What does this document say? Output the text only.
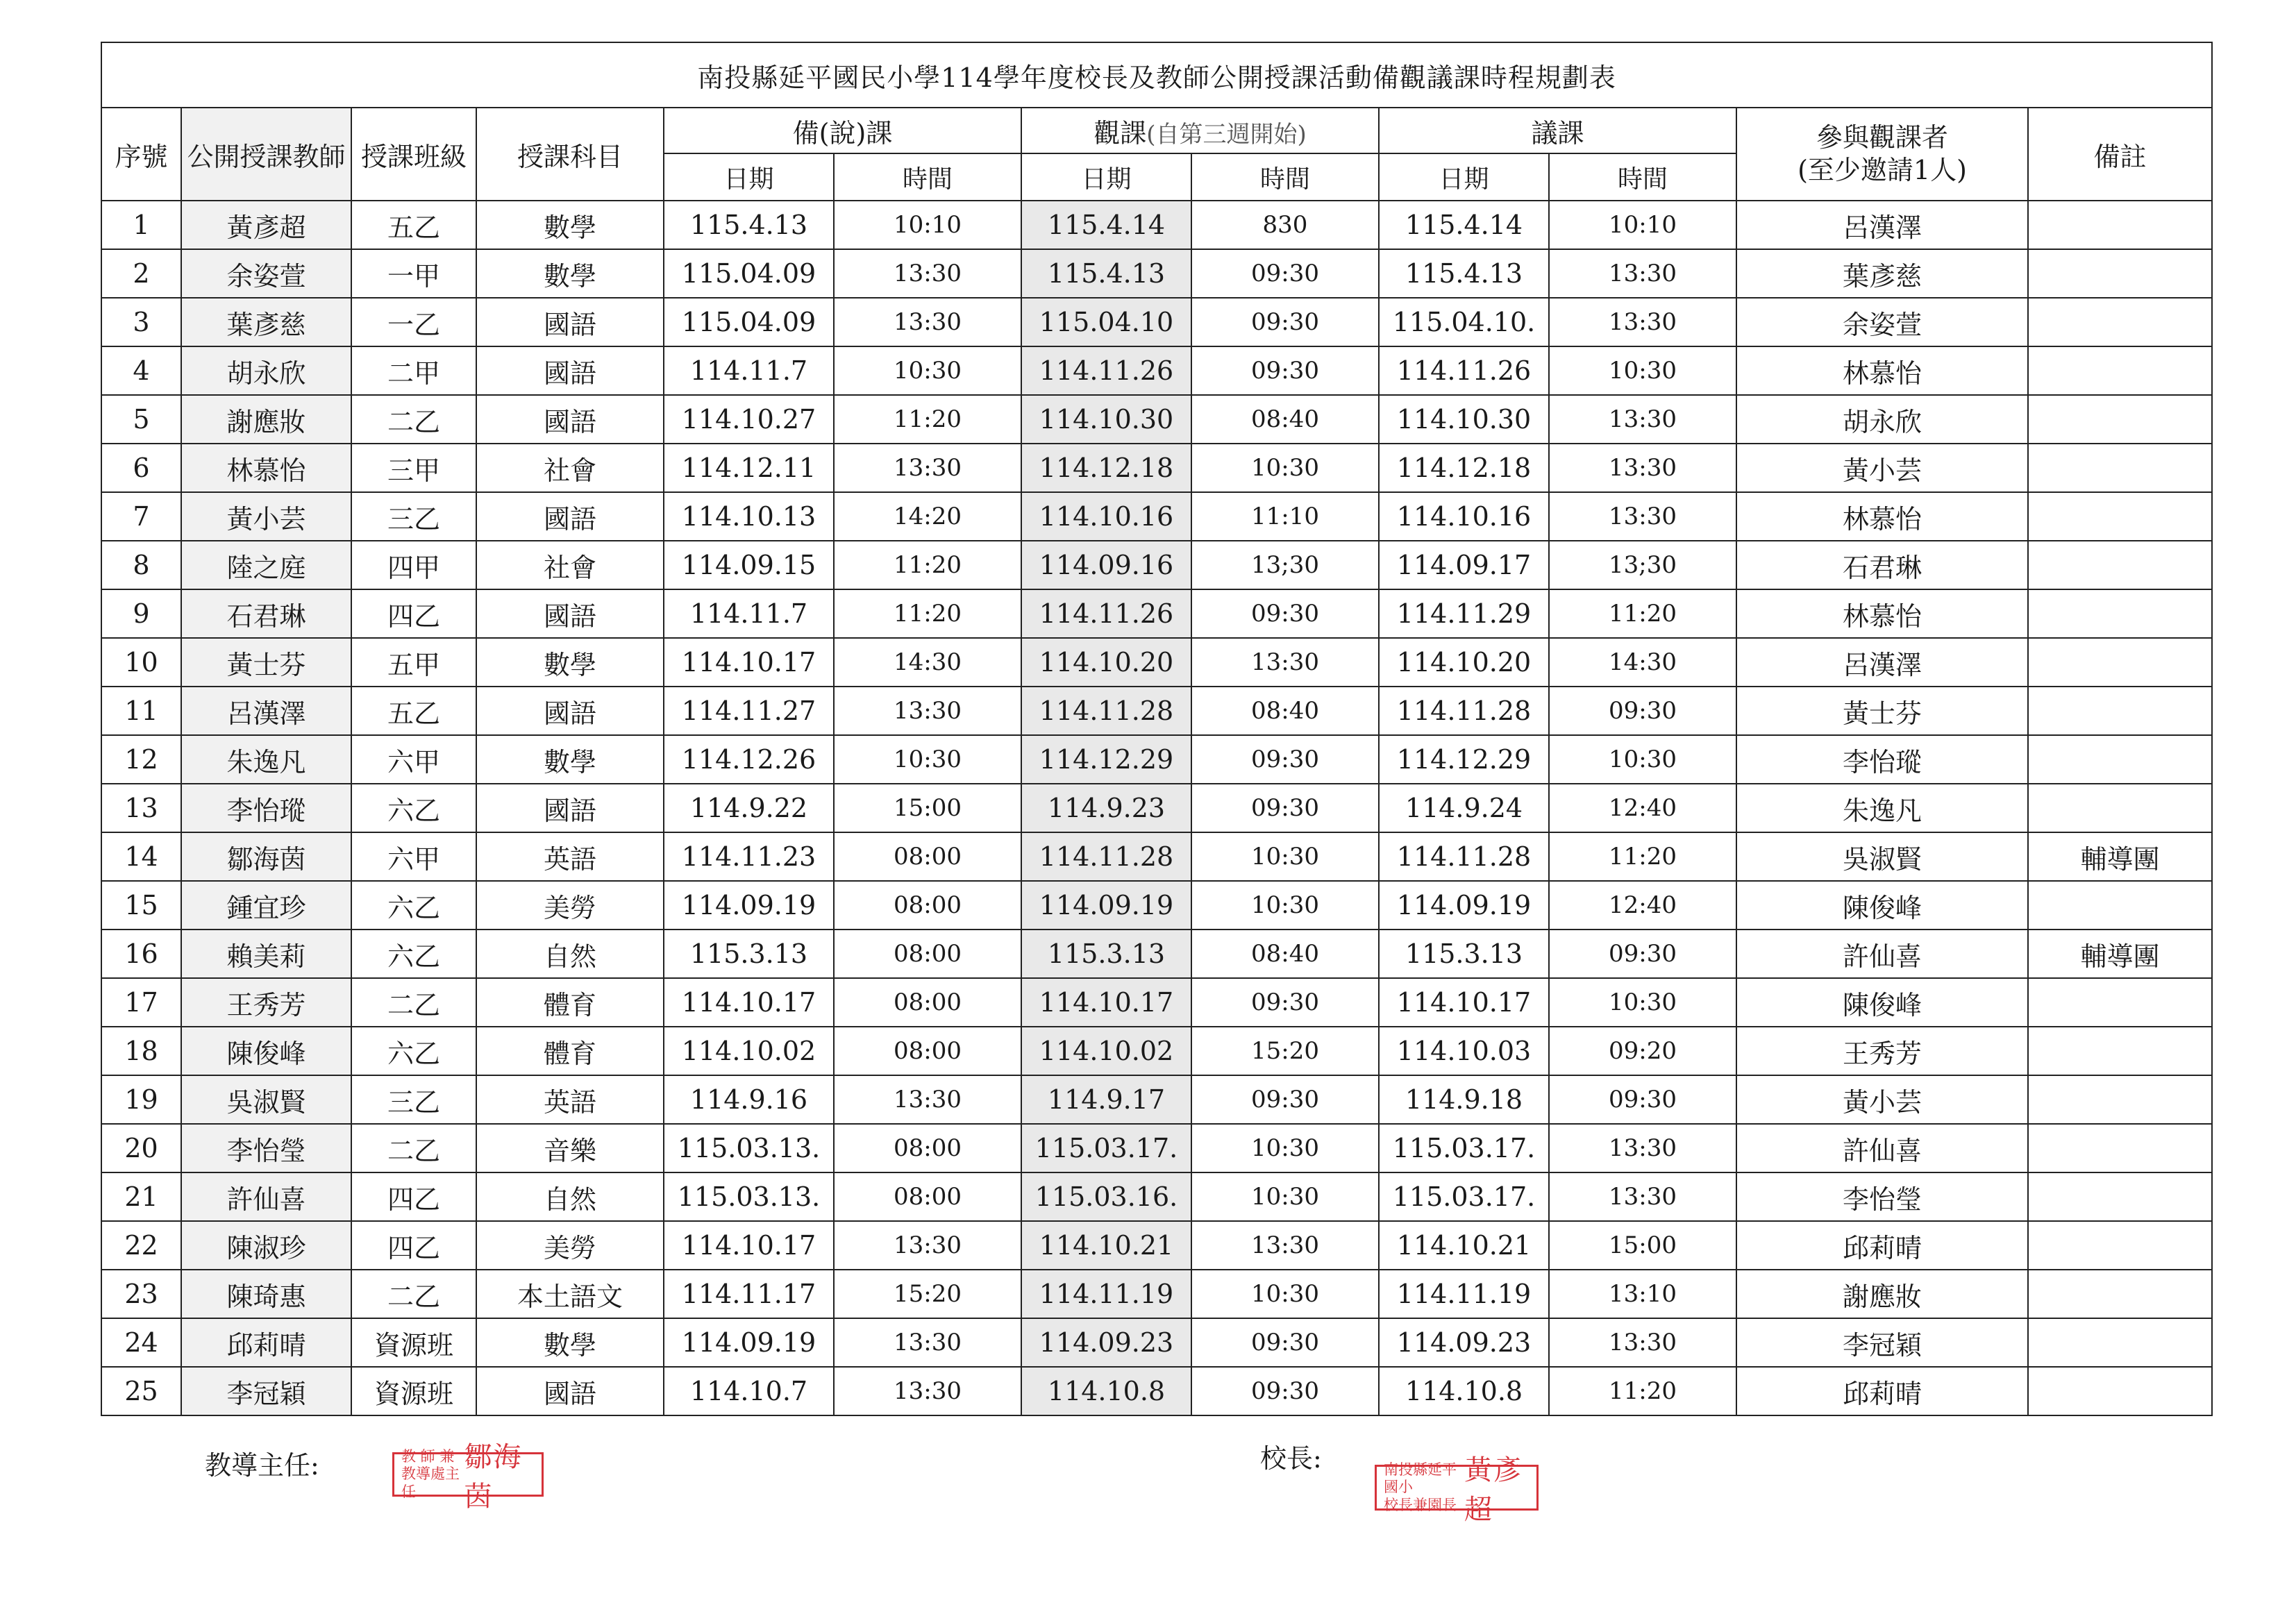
南投縣延平國民小學114學年度校長及教師公開授課活動備觀議課時程規劃表											
序號	公開授課教師	授課班級	授課科目	備(說)課		觀課(自第三週開始)		議課		參與觀課者
(至少邀請1人)	備註
				日期	時間	日期	時間	日期	時間		
1	黃彥超	五乙	數學	115.4.13	10:10	115.4.14	830	115.4.14	10:10	呂漢澤	
2	余姿萱	一甲	數學	115.04.09	13:30	115.4.13	09:30	115.4.13	13:30	葉彥慈	
3	葉彥慈	一乙	國語	115.04.09	13:30	115.04.10	09:30	115.04.10.	13:30	余姿萱	
4	胡永欣	二甲	國語	114.11.7	10:30	114.11.26	09:30	114.11.26	10:30	林慕怡	
5	謝應妝	二乙	國語	114.10.27	11:20	114.10.30	08:40	114.10.30	13:30	胡永欣	
6	林慕怡	三甲	社會	114.12.11	13:30	114.12.18	10:30	114.12.18	13:30	黃小芸	
7	黃小芸	三乙	國語	114.10.13	14:20	114.10.16	11:10	114.10.16	13:30	林慕怡	
8	陸之庭	四甲	社會	114.09.15	11:20	114.09.16	13;30	114.09.17	13;30	石君琳	
9	石君琳	四乙	國語	114.11.7	11:20	114.11.26	09:30	114.11.29	11:20	林慕怡	
10	黃士芬	五甲	數學	114.10.17	14:30	114.10.20	13:30	114.10.20	14:30	呂漢澤	
11	呂漢澤	五乙	國語	114.11.27	13:30	114.11.28	08:40	114.11.28	09:30	黃士芬	
12	朱逸凡	六甲	數學	114.12.26	10:30	114.12.29	09:30	114.12.29	10:30	李怡瑽	
13	李怡瑽	六乙	國語	114.9.22	15:00	114.9.23	09:30	114.9.24	12:40	朱逸凡	
14	鄒海茵	六甲	英語	114.11.23	08:00	114.11.28	10:30	114.11.28	11:20	吳淑賢	輔導團
15	鍾宜珍	六乙	美勞	114.09.19	08:00	114.09.19	10:30	114.09.19	12:40	陳俊峰	
16	賴美莉	六乙	自然	115.3.13	08:00	115.3.13	08:40	115.3.13	09:30	許仙喜	輔導團
17	王秀芳	二乙	體育	114.10.17	08:00	114.10.17	09:30	114.10.17	10:30	陳俊峰	
18	陳俊峰	六乙	體育	114.10.02	08:00	114.10.02	15:20	114.10.03	09:20	王秀芳	
19	吳淑賢	三乙	英語	114.9.16	13:30	114.9.17	09:30	114.9.18	09:30	黃小芸	
20	李怡瑩	二乙	音樂	115.03.13.	08:00	115.03.17.	10:30	115.03.17.	13:30	許仙喜	
21	許仙喜	四乙	自然	115.03.13.	08:00	115.03.16.	10:30	115.03.17.	13:30	李怡瑩	
22	陳淑珍	四乙	美勞	114.10.17	13:30	114.10.21	13:30	114.10.21	15:00	邱莉晴	
23	陳琦惠	二乙	本土語文	114.11.17	15:20	114.11.19	10:30	114.11.19	13:10	謝應妝	
24	邱莉晴	資源班	數學	114.09.19	13:30	114.09.23	09:30	114.09.23	13:30	李冠穎	
25	李冠穎	資源班	國語	114.10.7	13:30	114.10.8	09:30	114.10.8	11:20	邱莉晴	
教導主任:	教 師 兼
教導處主任
鄒海茵
校長:	南投縣延平國小
校長兼園長
黃彥超
